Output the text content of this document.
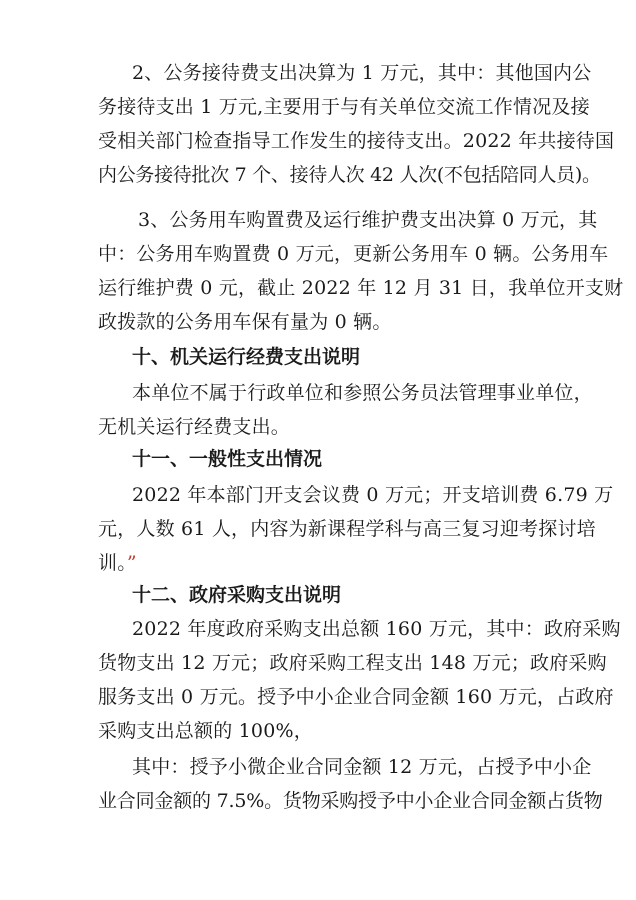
2、公务接待费支出决算为 1 万元，其中：其他国内公
务接待支出 1 万元,主要用于与有关单位交流工作情况及接
受相关部门检查指导工作发生的接待支出。2022 年共接待国
内公务接待批次 7 个、接待人次 42 人次(不包括陪同人员)。
3、公务用车购置费及运行维护费支出决算 0 万元，其
中：公务用车购置费 0 万元，更新公务用车 0 辆。公务用车
运行维护费 0 元，截止 2022 年 12 月 31 日，我单位开支财
政拨款的公务用车保有量为 0 辆。
十、机关运行经费支出说明
本单位不属于行政单位和参照公务员法管理事业单位，
无机关运行经费支出。
十一、一般性支出情况
2022 年本部门开支会议费 0 万元；开支培训费 6.79 万
元，人数 61 人，内容为新课程学科与高三复习迎考探讨培
训。”
十二、政府采购支出说明
2022 年度政府采购支出总额 160 万元，其中：政府采购
货物支出 12 万元；政府采购工程支出 148 万元；政府采购
服务支出 0 万元。授予中小企业合同金额 160 万元，占政府
采购支出总额的 100%，
其中：授予小微企业合同金额 12 万元，占授予中小企
业合同金额的 7.5%。货物采购授予中小企业合同金额占货物
